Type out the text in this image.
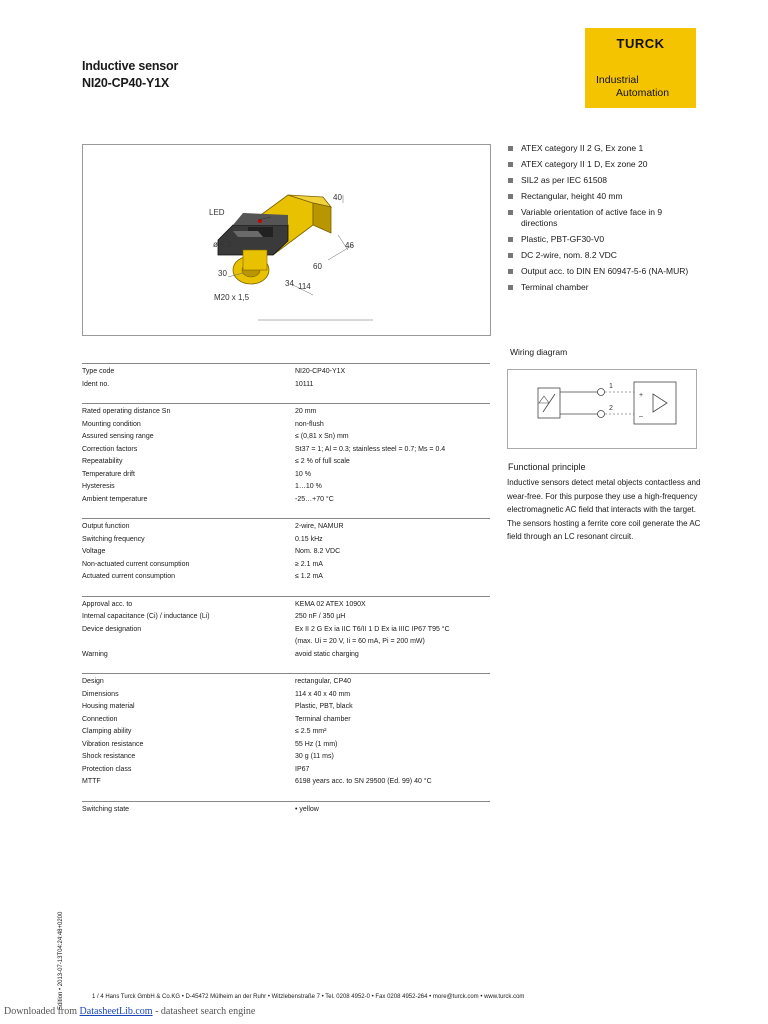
Inductive sensor
NI20-CP40-Y1X
TURCK
Industrial
Automation
LED
40
46
ø 5,3
60
30
34 114
M20 x 1,5
ATEX category II 2 G, Ex zone 1
ATEX category II 1 D, Ex zone 20
SIL2 as per IEC 61508
Rectangular, height 40 mm
Variable orientation of active face in 9 directions
Plastic, PBT-GF30-V0
DC 2-wire, nom. 8.2 VDC
Output acc. to DIN EN 60947-5-6 (NA-MUR)
Terminal chamber
Wiring diagram
1
2
+
–
Functional principle
Inductive sensors detect metal objects contactless and wear-free. For this purpose they use a high-frequency electromagnetic AC field that interacts with the target. The sensors hosting a ferrite core coil generate the AC field through an LC resonant circuit.
Type code	NI20-CP40-Y1X
Ident no.	10111
Rated operating distance Sn	20 mm
Mounting condition	non-flush
Assured sensing range	≤ (0,81 x Sn) mm
Correction factors	St37 = 1; Al = 0.3; stainless steel = 0.7; Ms = 0.4
Repeatability	≤ 2 % of full scale
Temperature drift	10 %
Hysteresis	1…10 %
Ambient temperature	-25…+70 °C
Output function	2-wire, NAMUR
Switching frequency	0.15 kHz
Voltage	Nom. 8.2 VDC
Non-actuated current consumption	≥ 2.1 mA
Actuated current consumption	≤ 1.2 mA
Approval acc. to	KEMA 02 ATEX 1090X
Internal capacitance (Ci) / inductance (Li)	250 nF / 350 µH
Device designation	Ex II 2 G Ex ia IIC T6/II 1 D Ex ia IIIC IP67 T95 °C
(max. Ui = 20 V, Ii = 60 mA, Pi = 200 mW)
Warning	avoid static charging
Design	rectangular, CP40
Dimensions	114 x 40 x 40 mm
Housing material	Plastic, PBT, black
Connection	Terminal chamber
Clamping ability	≤ 2.5 mm²
Vibration resistance	55 Hz (1 mm)
Shock resistance	30 g (11 ms)
Protection class	IP67
MTTF	6198 years acc. to SN 29500 (Ed. 99) 40 °C
Switching state	• yellow
Edition • 2013-07-13T04:24:48+0200	1 / 4 Hans Turck GmbH & Co.KG • D-45472 Mülheim an der Ruhr • Witzlebenstraße 7 • Tel. 0208 4952-0 • Fax 0208 4952-264 • more@turck.com • www.turck.com
Downloaded from DatasheetLib.com - datasheet search engine
